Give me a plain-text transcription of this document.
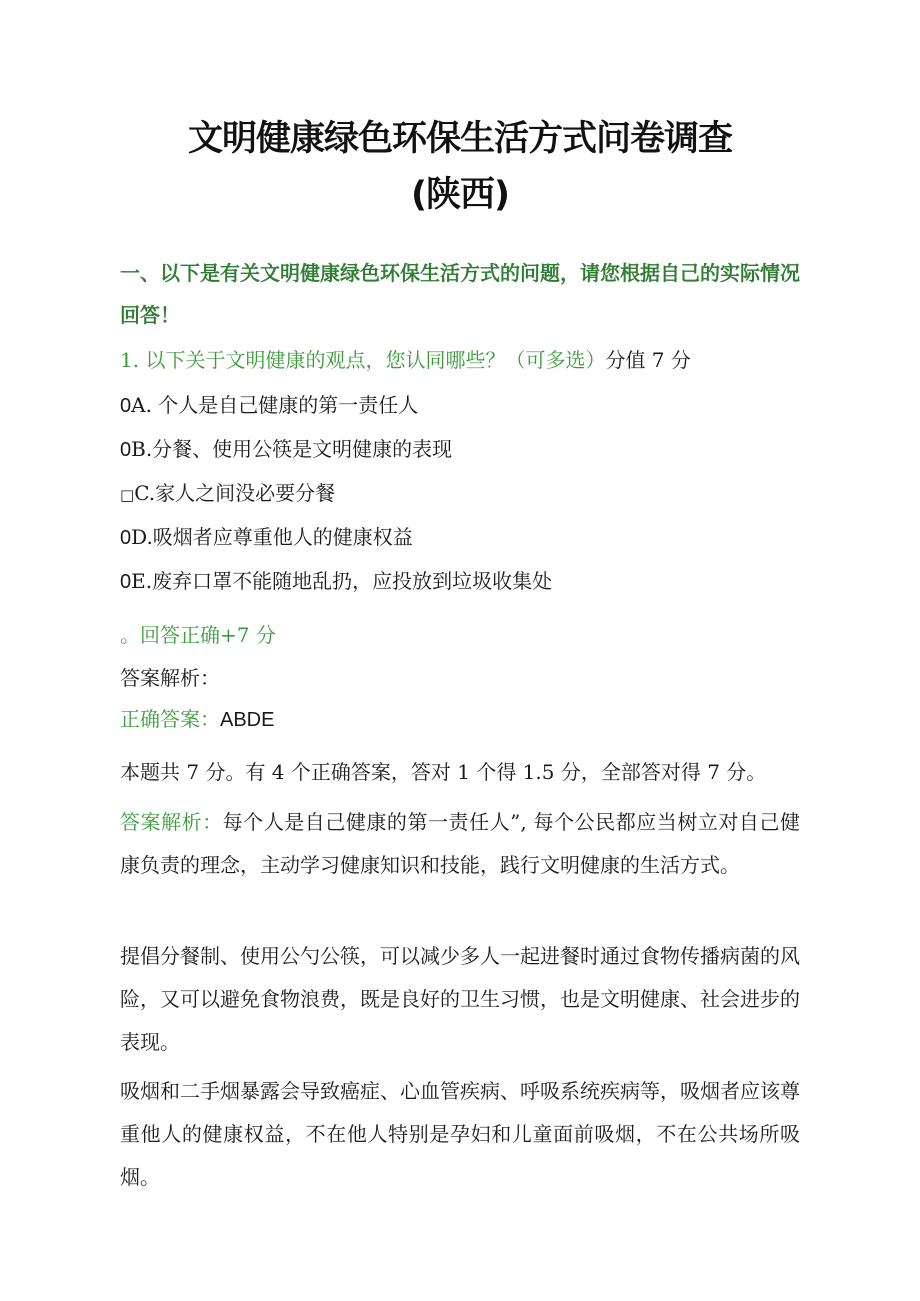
文明健康绿色环保生活方式问卷调查
(陕西)

一、以下是有关文明健康绿色环保生活方式的问题，请您根据自己的实际情况回答！

1. 以下关于文明健康的观点，您认同哪些？（可多选）分值 7 分

0A. 个人是自己健康的第一责任人

0B.分餐、使用公筷是文明健康的表现

□C.家人之间没必要分餐

0D.吸烟者应尊重他人的健康权益

0E.废弃口罩不能随地乱扔，应投放到垃圾收集处

。回答正确+7 分

答案解析：

正确答案：ABDE

本题共 7 分。有 4 个正确答案，答对 1 个得 1.5 分，全部答对得 7 分。

答案解析：每个人是自己健康的第一责任人”, 每个公民都应当树立对自己健康负责的理念，主动学习健康知识和技能，践行文明健康的生活方式。

提倡分餐制、使用公勺公筷，可以减少多人一起进餐时通过食物传播病菌的风险，又可以避免食物浪费，既是良好的卫生习惯，也是文明健康、社会进步的表现。

吸烟和二手烟暴露会导致癌症、心血管疾病、呼吸系统疾病等，吸烟者应该尊重他人的健康权益，不在他人特别是孕妇和儿童面前吸烟，不在公共场所吸烟。
